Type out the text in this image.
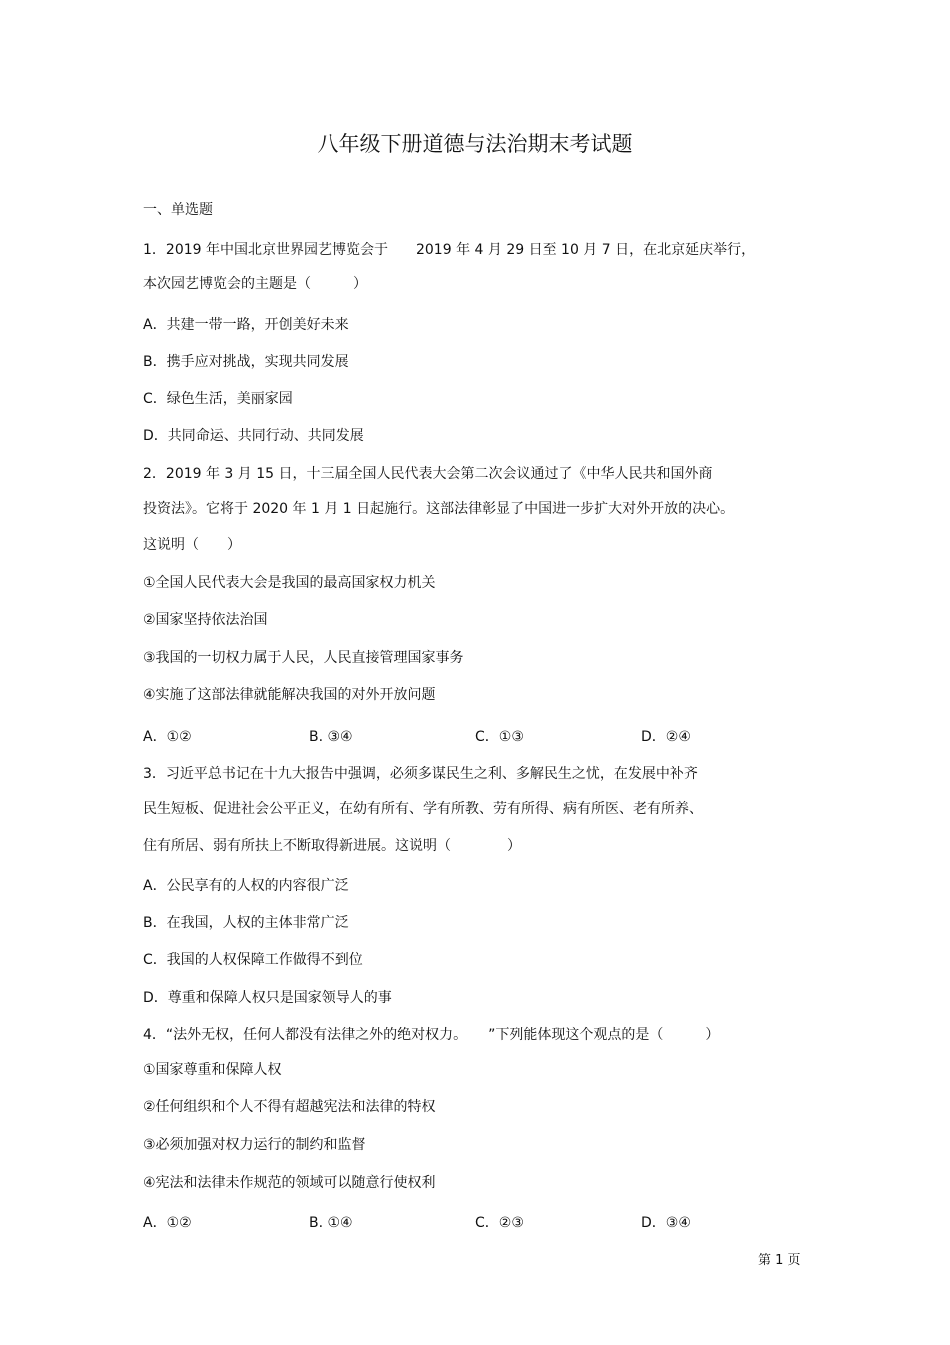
八年级下册道德与法治期末考试题
一、单选题
1．2019 年中国北京世界园艺博览会于　　2019 年 4 月 29 日至 10 月 7 日，在北京延庆举行，
本次园艺博览会的主题是（　　　）
A．共建一带一路，开创美好未来
B．携手应对挑战，实现共同发展
C．绿色生活，美丽家园
D．共同命运、共同行动、共同发展
2．2019 年 3 月 15 日，十三届全国人民代表大会第二次会议通过了《中华人民共和国外商
投资法》。它将于 2020 年 1 月 1 日起施行。这部法律彰显了中国进一步扩大对外开放的决心。
这说明（　　）
①全国人民代表大会是我国的最高国家权力机关
②国家坚持依法治国
③我国的一切权力属于人民，人民直接管理国家事务
④实施了这部法律就能解决我国的对外开放问题
A．①②	B. ③④	C．①③	D．②④
3．习近平总书记在十九大报告中强调，必须多谋民生之利、多解民生之忧，在发展中补齐
民生短板、促进社会公平正义，在幼有所有、学有所教、劳有所得、病有所医、老有所养、
住有所居、弱有所扶上不断取得新进展。这说明（　　　　）
A．公民享有的人权的内容很广泛
B．在我国，人权的主体非常广泛
C．我国的人权保障工作做得不到位
D．尊重和保障人权只是国家领导人的事
4．“法外无权，任何人都没有法律之外的绝对权力。　　”下列能体现这个观点的是（　　　）
①国家尊重和保障人权
②任何组织和个人不得有超越宪法和法律的特权
③必须加强对权力运行的制约和监督
④宪法和法律未作规范的领域可以随意行使权利
A．①②	B. ①④	C．②③	D．③④
第 1 页
